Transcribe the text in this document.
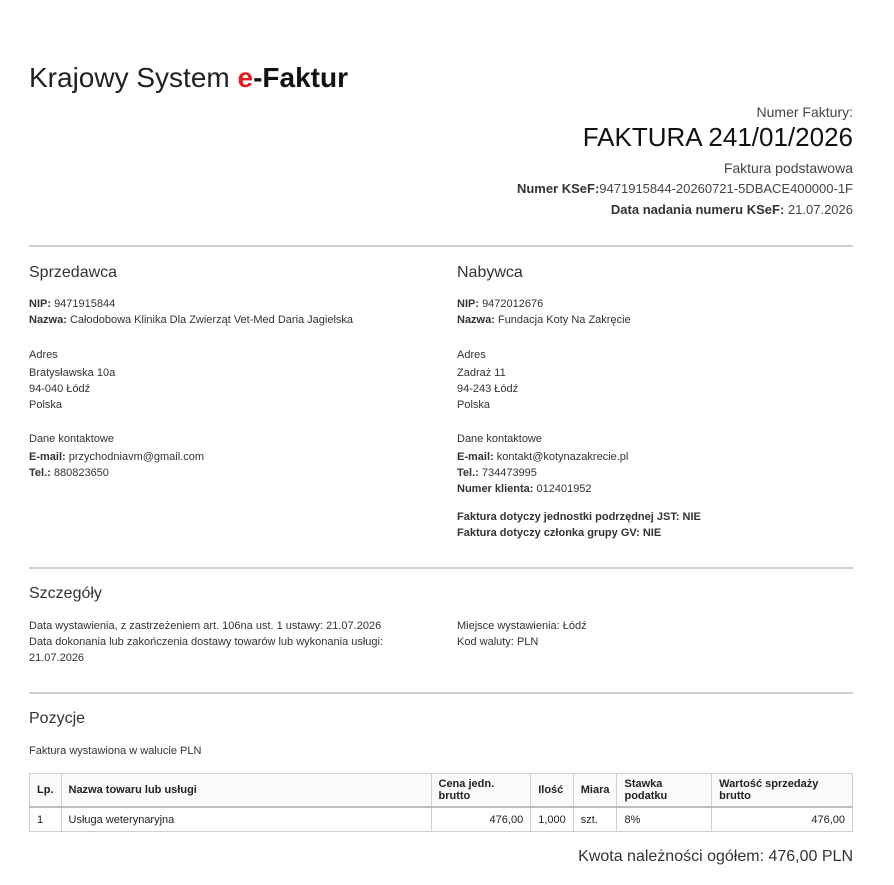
Krajowy System e-Faktur
Numer Faktury:
FAKTURA 241/01/2026
Faktura podstawowa
Numer KSeF:9471915844-20260721-5DBACE400000-1F
Data nadania numeru KSeF: 21.07.2026
Sprzedawca
NIP: 9471915844
Nazwa: Całodobowa Klinika Dla Zwierząt Vet-Med Daria Jagielska
Adres
Bratysławska 10a
94-040 Łódź
Polska
Dane kontaktowe
E-mail: przychodniavm@gmail.com
Tel.: 880823650
Nabywca
NIP: 9472012676
Nazwa: Fundacja Koty Na Zakręcie
Adres
Zadraż 11
94-243 Łódź
Polska
Dane kontaktowe
E-mail: kontakt@kotynazakrecie.pl
Tel.: 734473995
Numer klienta: 012401952
Faktura dotyczy jednostki podrzędnej JST: NIE
Faktura dotyczy członka grupy GV: NIE
Szczegóły
Data wystawienia, z zastrzeżeniem art. 106na ust. 1 ustawy: 21.07.2026
Data dokonania lub zakończenia dostawy towarów lub wykonania usługi:
21.07.2026
Miejsce wystawienia: Łódź
Kod waluty: PLN
Pozycje
Faktura wystawiona w walucie PLN
Lp.	Nazwa towaru lub usługi	Cena jedn. brutto	Ilość	Miara	Stawka podatku	Wartość sprzedaży brutto
1	Usługa weterynaryjna	476,00	1,000	szt.	8%	476,00
Kwota należności ogółem: 476,00 PLN
